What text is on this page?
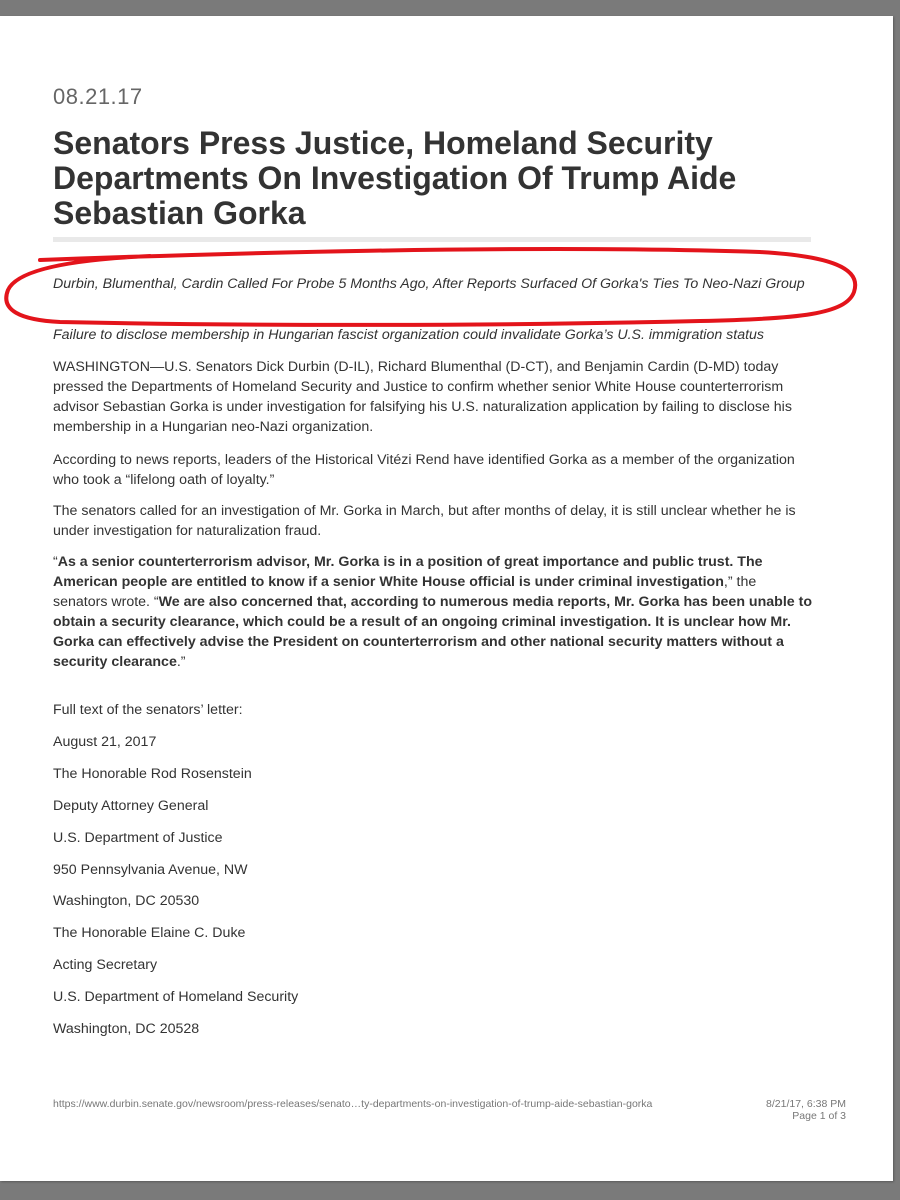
08.21.17
Senators Press Justice, Homeland Security Departments On Investigation Of Trump Aide Sebastian Gorka
Durbin, Blumenthal, Cardin Called For Probe 5 Months Ago, After Reports Surfaced Of Gorka's Ties To Neo-Nazi Group
Failure to disclose membership in Hungarian fascist organization could invalidate Gorka’s U.S. immigration status
WASHINGTON—U.S. Senators Dick Durbin (D-IL), Richard Blumenthal (D-CT), and Benjamin Cardin (D-MD) today pressed the Departments of Homeland Security and Justice to confirm whether senior White House counterterrorism advisor Sebastian Gorka is under investigation for falsifying his U.S. naturalization application by failing to disclose his membership in a Hungarian neo-Nazi organization.
According to news reports, leaders of the Historical Vitézi Rend have identified Gorka as a member of the organization who took a “lifelong oath of loyalty.”
The senators called for an investigation of Mr. Gorka in March, but after months of delay, it is still unclear whether he is under investigation for naturalization fraud.
“As a senior counterterrorism advisor, Mr. Gorka is in a position of great importance and public trust. The American people are entitled to know if a senior White House official is under criminal investigation,” the senators wrote. “We are also concerned that, according to numerous media reports, Mr. Gorka has been unable to obtain a security clearance, which could be a result of an ongoing criminal investigation. It is unclear how Mr. Gorka can effectively advise the President on counterterrorism and other national security matters without a security clearance.”
Full text of the senators’ letter:
August 21, 2017
The Honorable Rod Rosenstein
Deputy Attorney General
U.S. Department of Justice
950 Pennsylvania Avenue, NW
Washington, DC 20530
The Honorable Elaine C. Duke
Acting Secretary
U.S. Department of Homeland Security
Washington, DC 20528
https://www.durbin.senate.gov/newsroom/press-releases/senato…ty-departments-on-investigation-of-trump-aide-sebastian-gorka	8/21/17, 6:38 PM
Page 1 of 3
